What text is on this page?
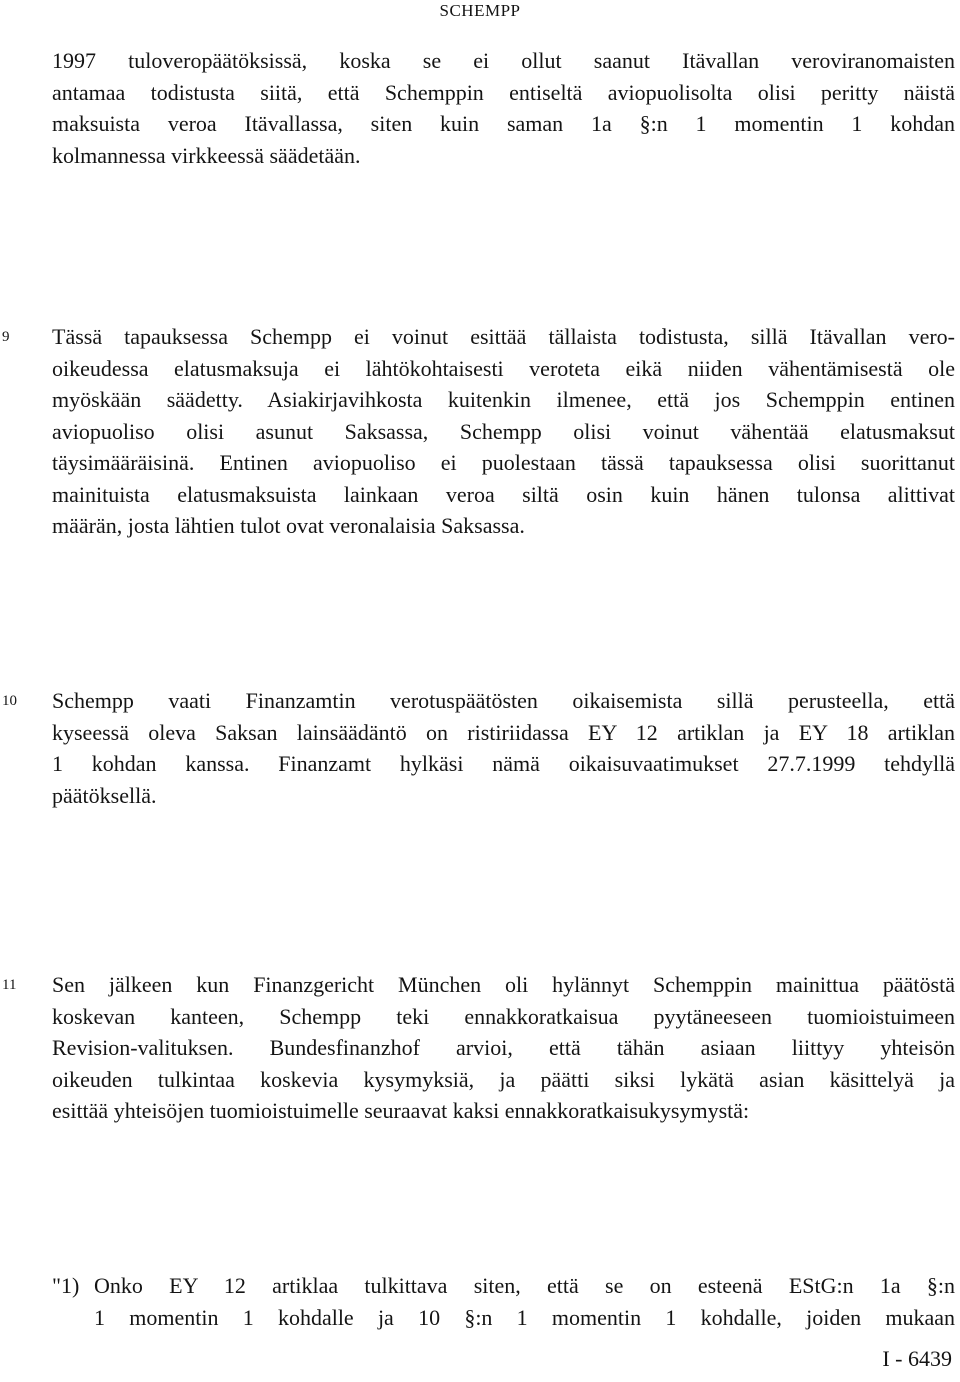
SCHEMPP
1997 tuloveropäätöksissä, koska se ei ollut saanut Itävallan veroviranomaisten
antamaa todistusta siitä, että Schemppin entiseltä aviopuolisolta olisi peritty näistä
maksuista veroa Itävallassa, siten kuin saman 1a §:n 1 momentin 1 kohdan
kolmannessa virkkeessä säädetään.
9 Tässä tapauksessa Schempp ei voinut esittää tällaista todistusta, sillä Itävallan vero-
oikeudessa elatusmaksuja ei lähtökohtaisesti veroteta eikä niiden vähentämisestä ole
myöskään säädetty. Asiakirjavihkosta kuitenkin ilmenee, että jos Schemppin entinen
aviopuoliso olisi asunut Saksassa, Schempp olisi voinut vähentää elatusmaksut
täysimääräisinä. Entinen aviopuoliso ei puolestaan tässä tapauksessa olisi suorittanut
mainituista elatusmaksuista lainkaan veroa siltä osin kuin hänen tulonsa alittivat
määrän, josta lähtien tulot ovat veronalaisia Saksassa.
10 Schempp vaati Finanzamtin verotuspäätösten oikaisemista sillä perusteella, että
kyseessä oleva Saksan lainsäädäntö on ristiriidassa EY 12 artiklan ja EY 18 artiklan
1 kohdan kanssa. Finanzamt hylkäsi nämä oikaisuvaatimukset 27.7.1999 tehdyllä
päätöksellä.
11 Sen jälkeen kun Finanzgericht München oli hylännyt Schemppin mainittua päätöstä
koskevan kanteen, Schempp teki ennakkoratkaisua pyytäneeseen tuomioistuimeen
Revision-valituksen. Bundesfinanzhof arvioi, että tähän asiaan liittyy yhteisön
oikeuden tulkintaa koskevia kysymyksiä, ja päätti siksi lykätä asian käsittelyä ja
esittää yhteisöjen tuomioistuimelle seuraavat kaksi ennakkoratkaisukysymystä:
"1) Onko EY 12 artiklaa tulkittava siten, että se on esteenä EStG:n 1a §:n
1 momentin 1 kohdalle ja 10 §:n 1 momentin 1 kohdalle, joiden mukaan
I - 6439
